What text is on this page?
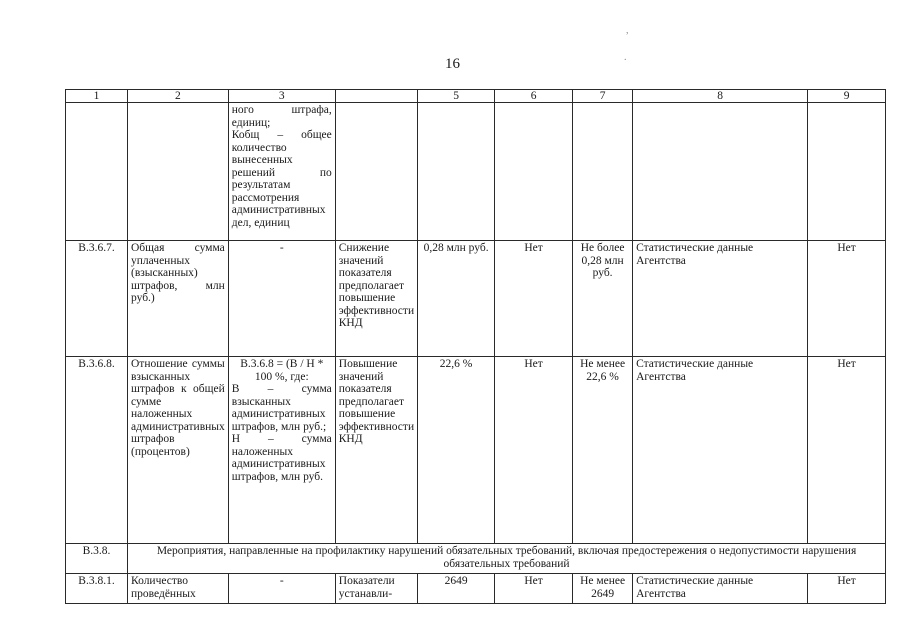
16
,
.
1	2	3		5	6	7	8	9
		ного штрафа, единиц;
Кобщ – общее количество вынесенных решений по результатам рассмотрения административных дел, единиц						
В.3.6.7.	Общая сумма уплаченных (взысканных) штрафов, млн руб.)	-	Снижение значений показателя предполагает повышение эффективности КНД	0,28 млн руб.	Нет	Не более 0,28 млн руб.	Статистические данные Агентства	Нет
В.3.6.8.	Отношение суммы взысканных штрафов к общей сумме наложенных административных штрафов (процентов)	В.3.6.8 = (В / Н * 100 %, где:
В – сумма взысканных административных штрафов, млн руб.;
Н – сумма наложенных административных штрафов, млн руб.	Повышение значений показателя предполагает повышение эффективности КНД	22,6 %	Нет	Не менее 22,6 %	Статистические данные Агентства	Нет
В.3.8.	Мероприятия, направленные на профилактику нарушений обязательных требований, включая предостережения о недопустимости нарушения обязательных требований							
В.3.8.1.	Количество проведённых	-	Показатели устанавли-	2649	Нет	Не менее 2649	Статистические данные Агентства	Нет
